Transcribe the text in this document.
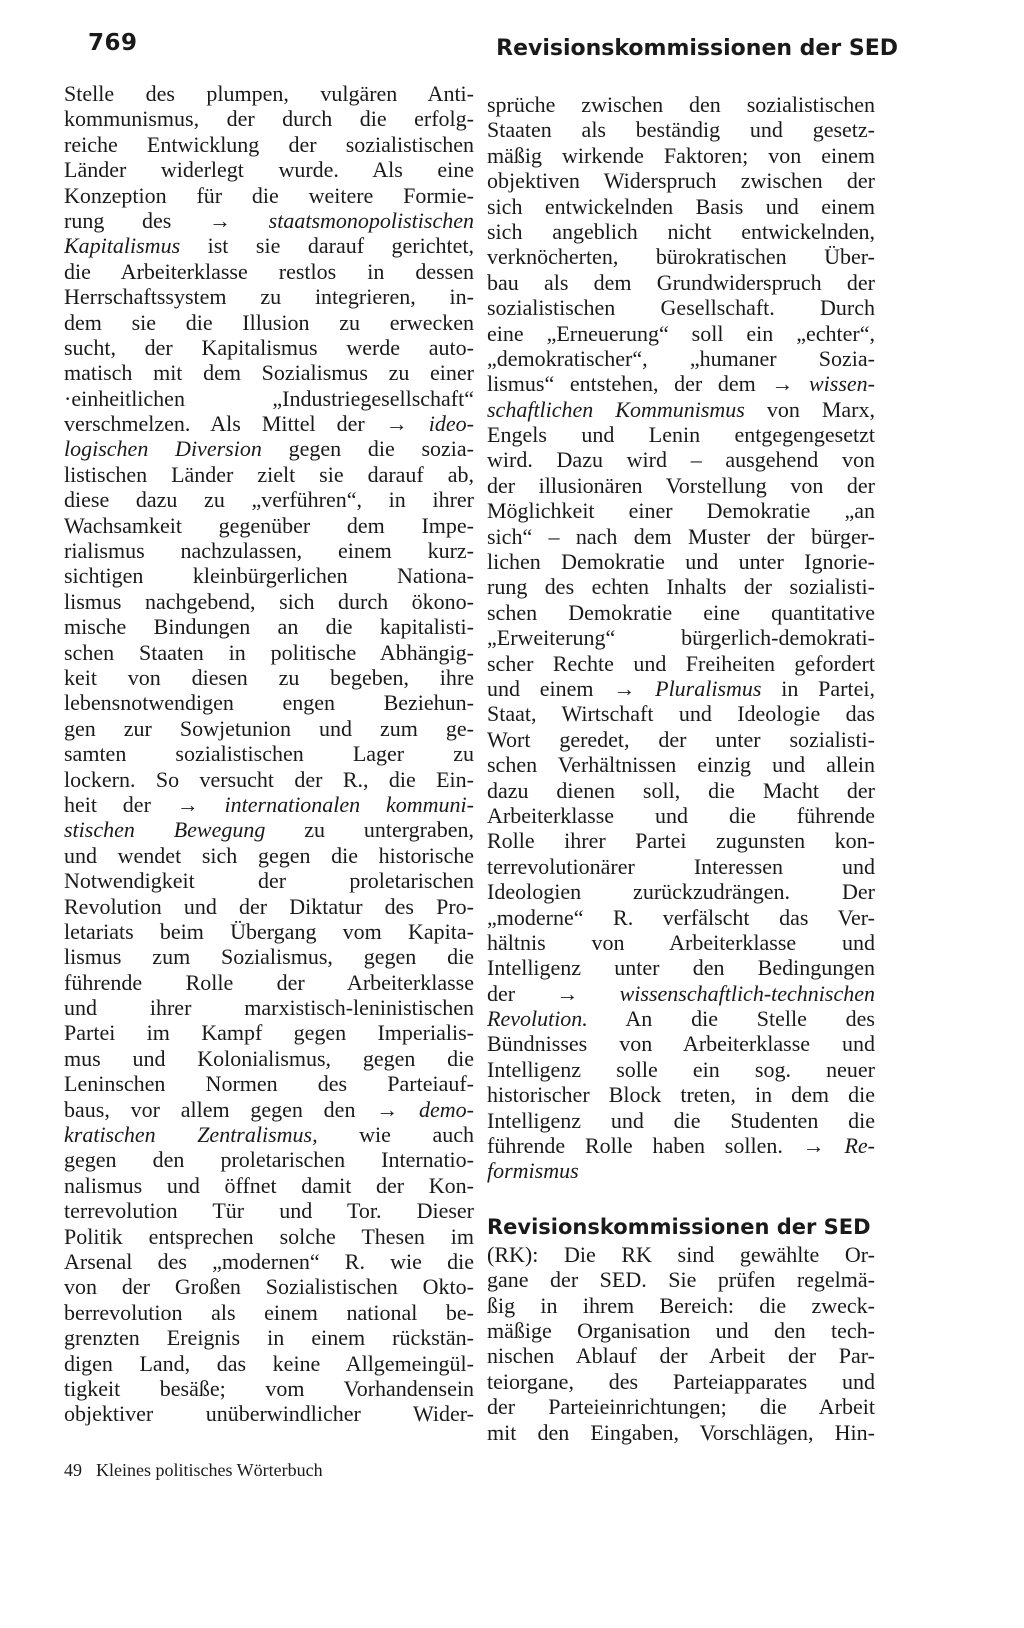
769	Revisionskommissionen der SED
Stelle des plumpen, vulgären Anti-
kommunismus, der durch die erfolg-
reiche Entwicklung der sozialistischen
Länder widerlegt wurde. Als eine
Konzeption für die weitere Formie-
rung des → staatsmonopolistischen
Kapitalismus ist sie darauf gerichtet,
die Arbeiterklasse restlos in dessen
Herrschaftssystem zu integrieren, in-
dem sie die Illusion zu erwecken
sucht, der Kapitalismus werde auto-
matisch mit dem Sozialismus zu einer
·einheitlichen „Industriegesellschaft“
verschmelzen. Als Mittel der → ideo-
logischen Diversion gegen die sozia-
listischen Länder zielt sie darauf ab,
diese dazu zu „verführen“, in ihrer
Wachsamkeit gegenüber dem Impe-
rialismus nachzulassen, einem kurz-
sichtigen kleinbürgerlichen Nationa-
lismus nachgebend, sich durch ökono-
mische Bindungen an die kapitalisti-
schen Staaten in politische Abhängig-
keit von diesen zu begeben, ihre
lebensnotwendigen engen Beziehun-
gen zur Sowjetunion und zum ge-
samten sozialistischen Lager zu
lockern. So versucht der R., die Ein-
heit der → internationalen kommuni-
stischen Bewegung zu untergraben,
und wendet sich gegen die historische
Notwendigkeit der proletarischen
Revolution und der Diktatur des Pro-
letariats beim Übergang vom Kapita-
lismus zum Sozialismus, gegen die
führende Rolle der Arbeiterklasse
und ihrer marxistisch-leninistischen
Partei im Kampf gegen Imperialis-
mus und Kolonialismus, gegen die
Leninschen Normen des Parteiauf-
baus, vor allem gegen den → demo-
kratischen Zentralismus, wie auch
gegen den proletarischen Internatio-
nalismus und öffnet damit der Kon-
terrevolution Tür und Tor. Dieser
Politik entsprechen solche Thesen im
Arsenal des „modernen“ R. wie die
von der Großen Sozialistischen Okto-
berrevolution als einem national be-
grenzten Ereignis in einem rückstän-
digen Land, das keine Allgemeingül-
tigkeit besäße; vom Vorhandensein
objektiver unüberwindlicher Wider-
sprüche zwischen den sozialistischen
Staaten als beständig und gesetz-
mäßig wirkende Faktoren; von einem
objektiven Widerspruch zwischen der
sich entwickelnden Basis und einem
sich angeblich nicht entwickelnden,
verknöcherten, bürokratischen Über-
bau als dem Grundwiderspruch der
sozialistischen Gesellschaft. Durch
eine „Erneuerung“ soll ein „echter“,
„demokratischer“, „humaner Sozia-
lismus“ entstehen, der dem → wissen-
schaftlichen Kommunismus von Marx,
Engels und Lenin entgegengesetzt
wird. Dazu wird – ausgehend von
der illusionären Vorstellung von der
Möglichkeit einer Demokratie „an
sich“ – nach dem Muster der bürger-
lichen Demokratie und unter Ignorie-
rung des echten Inhalts der sozialisti-
schen Demokratie eine quantitative
„Erweiterung“ bürgerlich-demokrati-
scher Rechte und Freiheiten gefordert
und einem → Pluralismus in Partei,
Staat, Wirtschaft und Ideologie das
Wort geredet, der unter sozialisti-
schen Verhältnissen einzig und allein
dazu dienen soll, die Macht der
Arbeiterklasse und die führende
Rolle ihrer Partei zugunsten kon-
terrevolutionärer Interessen und
Ideologien zurückzudrängen. Der
„moderne“ R. verfälscht das Ver-
hältnis von Arbeiterklasse und
Intelligenz unter den Bedingungen
der → wissenschaftlich-technischen
Revolution. An die Stelle des
Bündnisses von Arbeiterklasse und
Intelligenz solle ein sog. neuer
historischer Block treten, in dem die
Intelligenz und die Studenten die
führende Rolle haben sollen. → Re-
formismus
Revisionskommissionen der SED
(RK): Die RK sind gewählte Or-
gane der SED. Sie prüfen regelmä-
ßig in ihrem Bereich: die zweck-
mäßige Organisation und den tech-
nischen Ablauf der Arbeit der Par-
teiorgane, des Parteiapparates und
der Parteieinrichtungen; die Arbeit
mit den Eingaben, Vorschlägen, Hin-
49 Kleines politisches Wörterbuch
